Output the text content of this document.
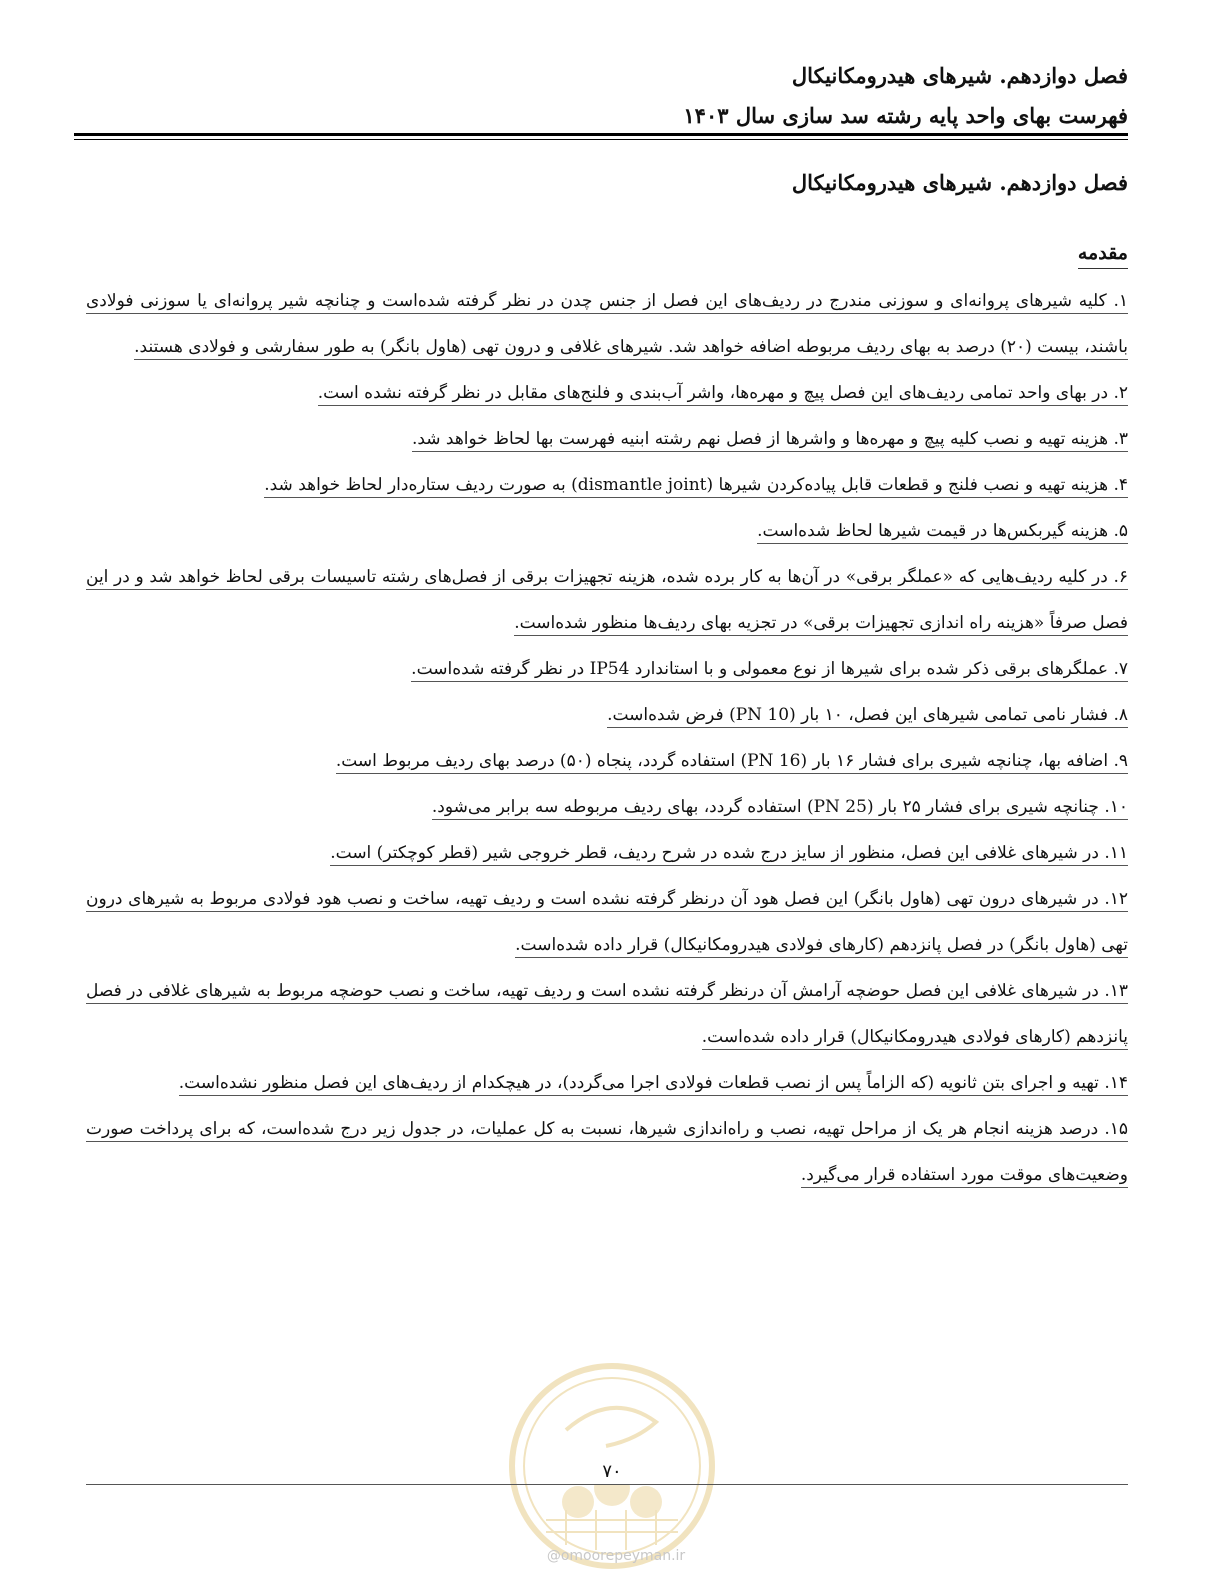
فصل دوازدهم. شیرهای هیدرومکانیکال
فهرست بهای واحد پایه رشته سد سازی سال ۱۴۰۳
فصل دوازدهم. شیرهای هیدرومکانیکال
مقدمه

۱. کلیه شیرهای پروانه‌ای و سوزنی مندرج در ردیف‌های این فصل از جنس چدن در نظر گرفته شده‌است و چنانچه شیر پروانه‌ای یا سوزنی فولادی باشند، بیست (۲۰) درصد به بهای ردیف مربوطه اضافه خواهد شد. شیرهای غلافی و درون تهی (هاول بانگر) به طور سفارشی و فولادی هستند.

۲. در بهای واحد تمامی ردیف‌های این فصل پیچ و مهره‌ها، واشر آب‌بندی و فلنج‌های مقابل در نظر گرفته نشده است.

۳. هزینه تهیه و نصب کلیه پیچ و مهره‌ها و واشرها از فصل نهم رشته ابنیه فهرست بها لحاظ خواهد شد.

۴. هزینه تهیه و نصب فلنج و قطعات قابل پیاده‌کردن شیرها (dismantle joint) به صورت ردیف ستاره‌دار لحاظ خواهد شد.

۵. هزینه گیربکس‌ها در قیمت شیرها لحاظ شده‌است.

۶. در کلیه ردیف‌هایی که «عملگر برقی» در آن‌ها به کار برده شده، هزینه تجهیزات برقی از فصل‌های رشته تاسیسات برقی لحاظ خواهد شد و در این فصل صرفاً «هزینه راه اندازی تجهیزات برقی» در تجزیه بهای ردیف‌ها منظور شده‌است.

۷. عملگرهای برقی ذکر شده برای شیرها از نوع معمولی و با استاندارد IP54 در نظر گرفته شده‌است.

۸. فشار نامی تمامی شیرهای این فصل، ۱۰ بار (PN 10) فرض شده‌است.

۹. اضافه بها، چنانچه شیری برای فشار ۱۶ بار (PN 16) استفاده گردد، پنجاه (۵۰) درصد بهای ردیف مربوط است.

۱۰. چنانچه شیری برای فشار ۲۵ بار (PN 25) استفاده گردد، بهای ردیف مربوطه سه برابر می‌شود.

۱۱. در شیرهای غلافی این فصل، منظور از سایز درج شده در شرح ردیف، قطر خروجی شیر (قطر کوچکتر) است.

۱۲. در شیرهای درون تهی (هاول بانگر) این فصل هود آن درنظر گرفته نشده است و ردیف تهیه، ساخت و نصب هود فولادی مربوط به شیرهای درون تهی (هاول بانگر) در فصل پانزدهم (کارهای فولادی هیدرومکانیکال) قرار داده شده‌است.

۱۳. در شیرهای غلافی این فصل حوضچه آرامش آن درنظر گرفته نشده است و ردیف تهیه، ساخت و نصب حوضچه مربوط به شیرهای غلافی در فصل پانزدهم (کارهای فولادی هیدرومکانیکال) قرار داده شده‌است.

۱۴. تهیه و اجرای بتن ثانویه (که الزاماً پس از نصب قطعات فولادی اجرا می‌گردد)، در هیچکدام از ردیف‌های این فصل منظور نشده‌است.

۱۵. درصد هزینه انجام هر یک از مراحل تهیه، نصب و راه‌اندازی شیرها، نسبت به کل عملیات، در جدول زیر درج شده‌است، که برای پرداخت صورت وضعیت‌های موقت مورد استفاده قرار می‌گیرد.

۷۰
@omoorepeyman.ir
